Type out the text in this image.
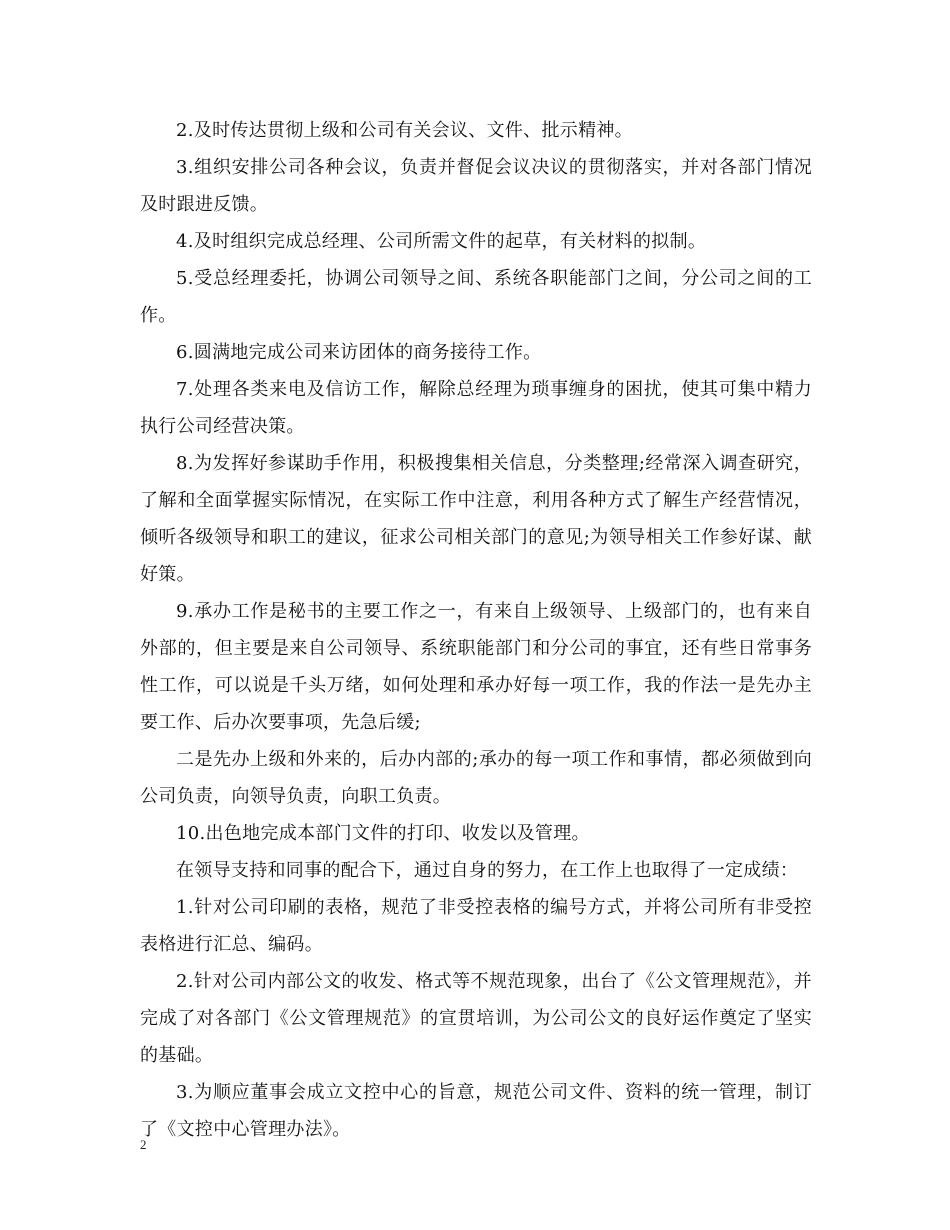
2.及时传达贯彻上级和公司有关会议、文件、批示精神。

3.组织安排公司各种会议，负责并督促会议决议的贯彻落实，并对各部门情况及时跟进反馈。

4.及时组织完成总经理、公司所需文件的起草，有关材料的拟制。

5.受总经理委托，协调公司领导之间、系统各职能部门之间，分公司之间的工作。

6.圆满地完成公司来访团体的商务接待工作。

7.处理各类来电及信访工作，解除总经理为琐事缠身的困扰，使其可集中精力执行公司经营决策。

8.为发挥好参谋助手作用，积极搜集相关信息，分类整理;经常深入调查研究，了解和全面掌握实际情况，在实际工作中注意，利用各种方式了解生产经营情况，倾听各级领导和职工的建议，征求公司相关部门的意见;为领导相关工作参好谋、献好策。

9.承办工作是秘书的主要工作之一，有来自上级领导、上级部门的，也有来自外部的，但主要是来自公司领导、系统职能部门和分公司的事宜，还有些日常事务性工作，可以说是千头万绪，如何处理和承办好每一项工作，我的作法一是先办主要工作、后办次要事项，先急后缓;

二是先办上级和外来的，后办内部的;承办的每一项工作和事情，都必须做到向公司负责，向领导负责，向职工负责。

10.出色地完成本部门文件的打印、收发以及管理。

在领导支持和同事的配合下，通过自身的努力，在工作上也取得了一定成绩：

1.针对公司印刷的表格，规范了非受控表格的编号方式，并将公司所有非受控表格进行汇总、编码。

2.针对公司内部公文的收发、格式等不规范现象，出台了《公文管理规范》，并完成了对各部门《公文管理规范》的宣贯培训，为公司公文的良好运作奠定了坚实的基础。

3.为顺应董事会成立文控中心的旨意，规范公司文件、资料的统一管理，制订了《文控中心管理办法》。

2
